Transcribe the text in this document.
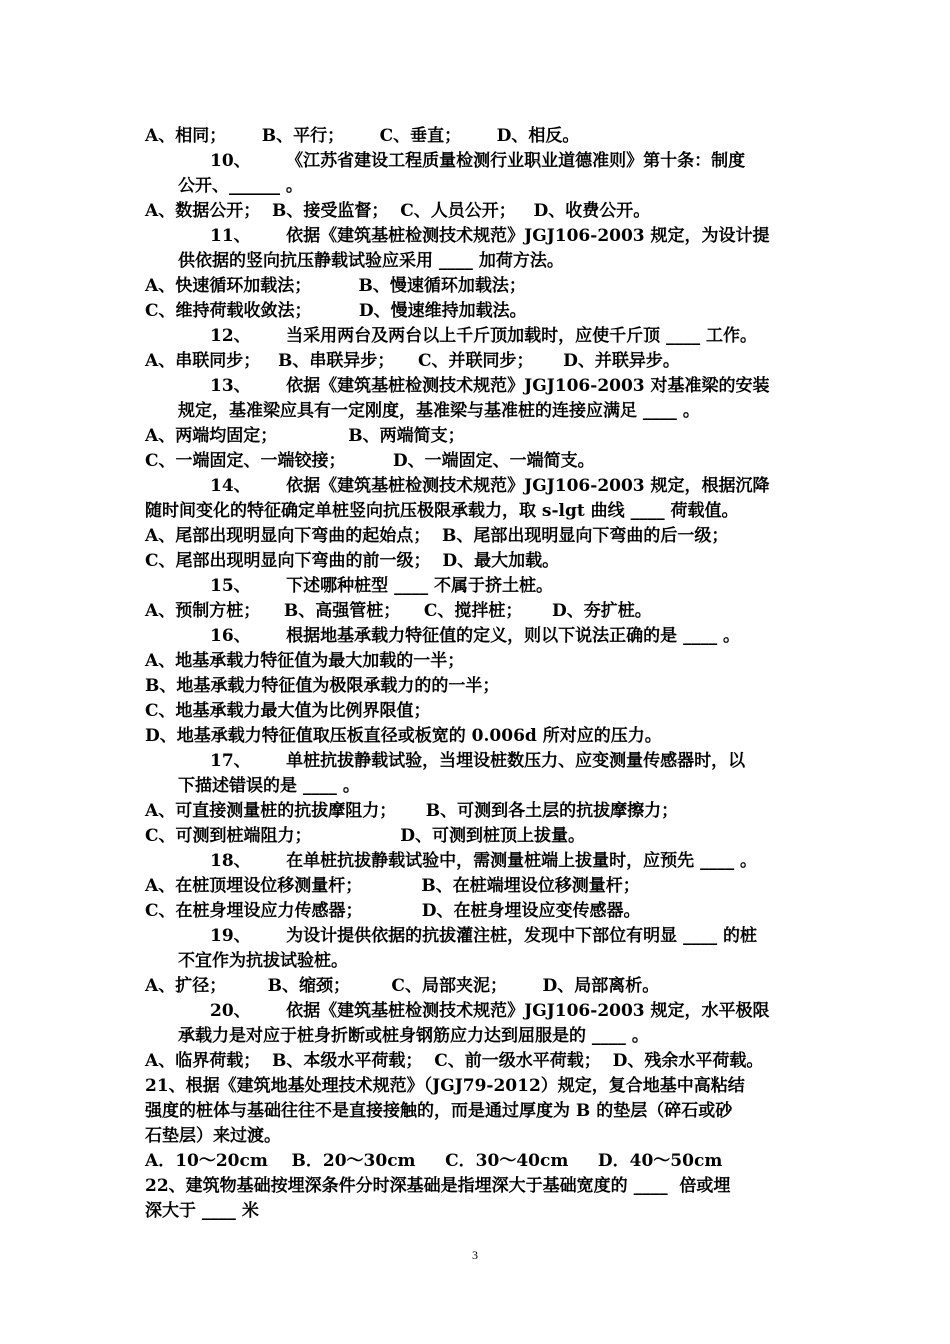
A、相同；      B、平行；      C、垂直；      D、相反。
10、      《江苏省建设工程质量检测行业职业道德准则》第十条：制度
公开、______ 。
A、数据公开；  B、接受监督；  C、人员公开；   D、收费公开。
11、      依据《建筑基桩检测技术规范》JGJ106-2003 规定，为设计提
供依据的竖向抗压静载试验应采用 ____ 加荷方法。
A、快速循环加载法；        B、慢速循环加载法；
C、维持荷载收敛法；        D、慢速维持加载法。
12、      当采用两台及两台以上千斤顶加载时，应使千斤顶 ____ 工作。
A、串联同步；   B、串联异步；    C、并联同步；     D、并联异步。
13、      依据《建筑基桩检测技术规范》JGJ106-2003 对基准梁的安装
规定，基准梁应具有一定刚度，基准梁与基准桩的连接应满足 ____ 。
A、两端均固定；            B、两端简支；
C、一端固定、一端铰接；        D、一端固定、一端简支。
14、      依据《建筑基桩检测技术规范》JGJ106-2003 规定，根据沉降
随时间变化的特征确定单桩竖向抗压极限承载力，取 s-lgt 曲线 ____ 荷载值。
A、尾部出现明显向下弯曲的起始点；  B、尾部出现明显向下弯曲的后一级；
C、尾部出现明显向下弯曲的前一级；  D、最大加载。
15、      下述哪种桩型 ____ 不属于挤土桩。
A、预制方桩；    B、高强管桩；    C、搅拌桩；     D、夯扩桩。
16、      根据地基承载力特征值的定义，则以下说法正确的是 ____ 。
A、地基承载力特征值为最大加载的一半；
B、地基承载力特征值为极限承载力的的一半；
C、地基承载力最大值为比例界限值；
D、地基承载力特征值取压板直径或板宽的 0.006d 所对应的压力。
17、      单桩抗拔静载试验，当埋设桩数压力、应变测量传感器时，以
下描述错误的是 ____ 。
A、可直接测量桩的抗拔摩阻力；     B、可测到各土层的抗拔摩擦力；
C、可测到桩端阻力；               D、可测到桩顶上拔量。
18、      在单桩抗拔静载试验中，需测量桩端上拔量时，应预先 ____ 。
A、在桩顶埋设位移测量杆；          B、在桩端埋设位移测量杆；
C、在桩身埋设应力传感器；          D、在桩身埋设应变传感器。
19、      为设计提供依据的抗拔灌注桩，发现中下部位有明显 ____ 的桩
不宜作为抗拔试验桩。
A、扩径；       B、缩颈；       C、局部夹泥；      D、局部离析。
20、      依据《建筑基桩检测技术规范》JGJ106-2003 规定，水平极限
承载力是对应于桩身折断或桩身钢筋应力达到屈服是的 ____ 。
A、临界荷载；  B、本级水平荷载；  C、前一级水平荷载；  D、残余水平荷载。
21、根据《建筑地基处理技术规范》（JGJ79-2012）规定，复合地基中高粘结
强度的桩体与基础往往不是直接接触的，而是通过厚度为 B 的垫层（碎石或砂
石垫层）来过渡。
A．10～20cm    B．20～30cm     C．30～40cm     D．40～50cm
22、建筑物基础按埋深条件分时深基础是指埋深大于基础宽度的 ____  倍或埋
深大于 ____ 米
3
